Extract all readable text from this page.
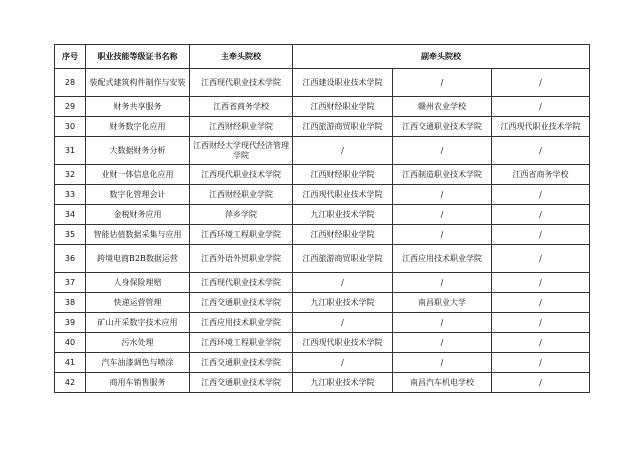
序号	职业技能等级证书名称	主牵头院校	副牵头院校		
28	装配式建筑构件制作与安装	江西现代职业技术学院	江西建设职业技术学院	/	/
29	财务共享服务	江西省商务学校	江西财经职业学院	赣州农业学校	/
30	财务数字化应用	江西财经职业学院	江西旅游商贸职业学院	江西交通职业技术学院	江西现代职业技术学院
31	大数据财务分析	江西财经大学现代经济管理学院	/	/	/
32	业财一体信息化应用	江西现代职业技术学院	江西财经职业学院	江西制造职业技术学院	江西省商务学校
33	数字化管理会计	江西财经职业学院	江西现代职业技术学院	/	/
34	金税财务应用	萍乡学院	九江职业技术学院	/	/
35	智能估值数据采集与应用	江西环境工程职业学院	江西财经职业学院	/	/
36	跨境电商B2B数据运营	江西外语外贸职业学院	江西旅游商贸职业学院	江西应用技术职业学院	/
37	人身保险理赔	江西现代职业技术学院	/	/	/
38	快递运营管理	江西交通职业技术学院	九江职业技术学院	南昌职业大学	/
39	矿山开采数字技术应用	江西应用技术职业学院	/	/	/
40	污水处理	江西环境工程职业学院	江西现代职业技术学院	/	/
41	汽车油漆调色与喷涂	江西交通职业技术学院	/	/	/
42	商用车销售服务	江西交通职业技术学院	九江职业技术学院	南昌汽车机电学校	/
